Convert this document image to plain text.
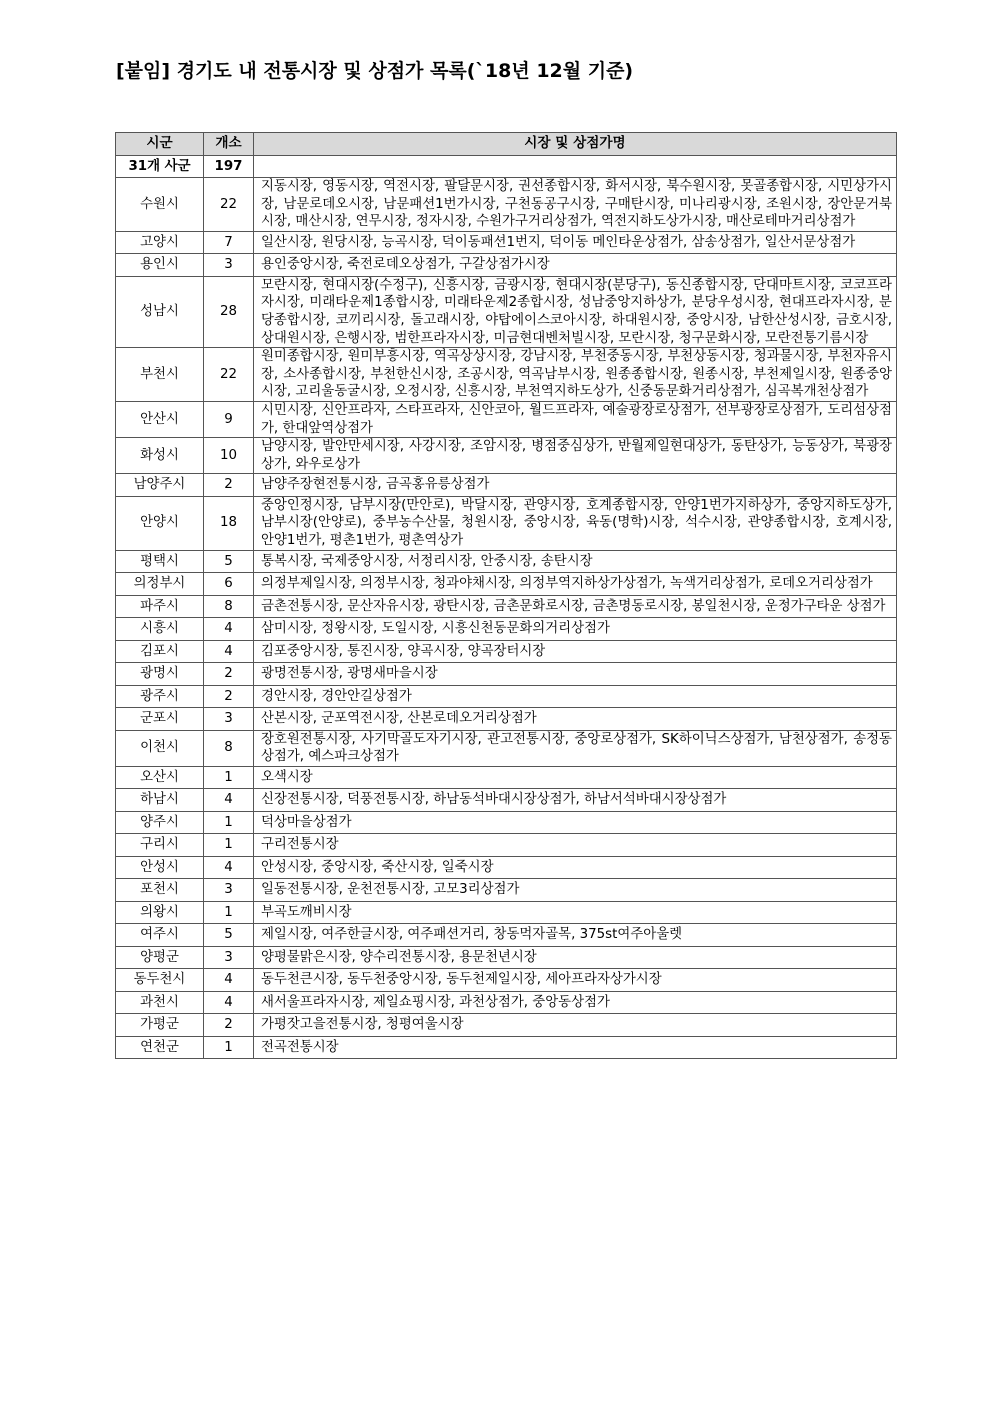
[붙임] 경기도 내 전통시장 및 상점가 목록(`18년 12월 기준)
시군	개소	시장 및 상점가명
31개 사군	197	
수원시	22	지동시장, 영동시장, 역전시장, 팔달문시장, 권선종합시장, 화서시장, 북수원시장, 못골종합시장, 시민상가시장, 남문로데오시장, 남문패션1번가시장, 구천동공구시장, 구매탄시장, 미나리광시장, 조원시장, 장안문거북시장, 매산시장, 연무시장, 정자시장, 수원가구거리상점가, 역전지하도상가시장, 매산로테마거리상점가
고양시	7	일산시장, 원당시장, 능곡시장, 덕이동패션1번지, 덕이동 메인타운상점가, 삼송상점가, 일산서문상점가
용인시	3	용인중앙시장, 죽전로데오상점가, 구갈상점가시장
성남시	28	모란시장, 현대시장(수정구), 신흥시장, 금광시장, 현대시장(분당구), 동신종합시장, 단대마트시장, 코코프라자시장, 미래타운제1종합시장, 미래타운제2종합시장, 성남중앙지하상가, 분당우성시장, 현대프라자시장, 분당종합시장, 코끼리시장, 돌고래시장, 야탑에이스코아시장, 하대원시장, 중앙시장, 남한산성시장, 금호시장, 상대원시장, 은행시장, 범한프라자시장, 미금현대벤처빌시장, 모란시장, 청구문화시장, 모란전통기름시장
부천시	22	원미종합시장, 원미부흥시장, 역곡상상시장, 강남시장, 부천중동시장, 부천상동시장, 청과물시장, 부천자유시장, 소사종합시장, 부천한신시장, 조공시장, 역곡남부시장, 원종종합시장, 원종시장, 부천제일시장, 원종중앙시장, 고리울동굴시장, 오정시장, 신흥시장, 부천역지하도상가, 신중동문화거리상점가, 심곡복개천상점가
안산시	9	시민시장, 신안프라자, 스타프라자, 신안코아, 월드프라자, 예술광장로상점가, 선부광장로상점가, 도리섬상점가, 한대앞역상점가
화성시	10	남양시장, 발안만세시장, 사강시장, 조암시장, 병점중심상가, 반월제일현대상가, 동탄상가, 능동상가, 북광장상가, 와우로상가
남양주시	2	남양주장현전통시장, 금곡홍유릉상점가
안양시	18	중앙인정시장, 남부시장(만안로), 박달시장, 관양시장, 호계종합시장, 안양1번가지하상가, 중앙지하도상가, 남부시장(안양로), 중부농수산물, 청원시장, 중앙시장, 육동(명학)시장, 석수시장, 관양종합시장, 호계시장, 안양1번가, 평촌1번가, 평촌역상가
평택시	5	통복시장, 국제중앙시장, 서정리시장, 안중시장, 송탄시장
의정부시	6	의정부제일시장, 의정부시장, 청과야채시장, 의정부역지하상가상점가, 녹색거리상점가, 로데오거리상점가
파주시	8	금촌전통시장, 문산자유시장, 광탄시장, 금촌문화로시장, 금촌명동로시장, 봉일천시장, 운정가구타운 상점가
시흥시	4	삼미시장, 정왕시장, 도일시장, 시흥신천동문화의거리상점가
김포시	4	김포중앙시장, 통진시장, 양곡시장, 양곡장터시장
광명시	2	광명전통시장, 광명새마을시장
광주시	2	경안시장, 경안안길상점가
군포시	3	산본시장, 군포역전시장, 산본로데오거리상점가
이천시	8	장호원전통시장, 사기막골도자기시장, 관고전통시장, 중앙로상점가, SK하이닉스상점가, 남천상점가, 송정동상점가, 예스파크상점가
오산시	1	오색시장
하남시	4	신장전통시장, 덕풍전통시장, 하남동석바대시장상점가, 하남서석바대시장상점가
양주시	1	덕상마을상점가
구리시	1	구리전통시장
안성시	4	안성시장, 중앙시장, 죽산시장, 일죽시장
포천시	3	일동전통시장, 운천전통시장, 고모3리상점가
의왕시	1	부곡도깨비시장
여주시	5	제일시장, 여주한글시장, 여주패션거리, 창동먹자골목, 375st여주아울렛
양평군	3	양평물맑은시장, 양수리전통시장, 용문천년시장
동두천시	4	동두천큰시장, 동두천중앙시장, 동두천제일시장, 세아프라자상가시장
과천시	4	새서울프라자시장, 제일쇼핑시장, 과천상점가, 중앙동상점가
가평군	2	가평잣고을전통시장, 청평여울시장
연천군	1	전곡전통시장
